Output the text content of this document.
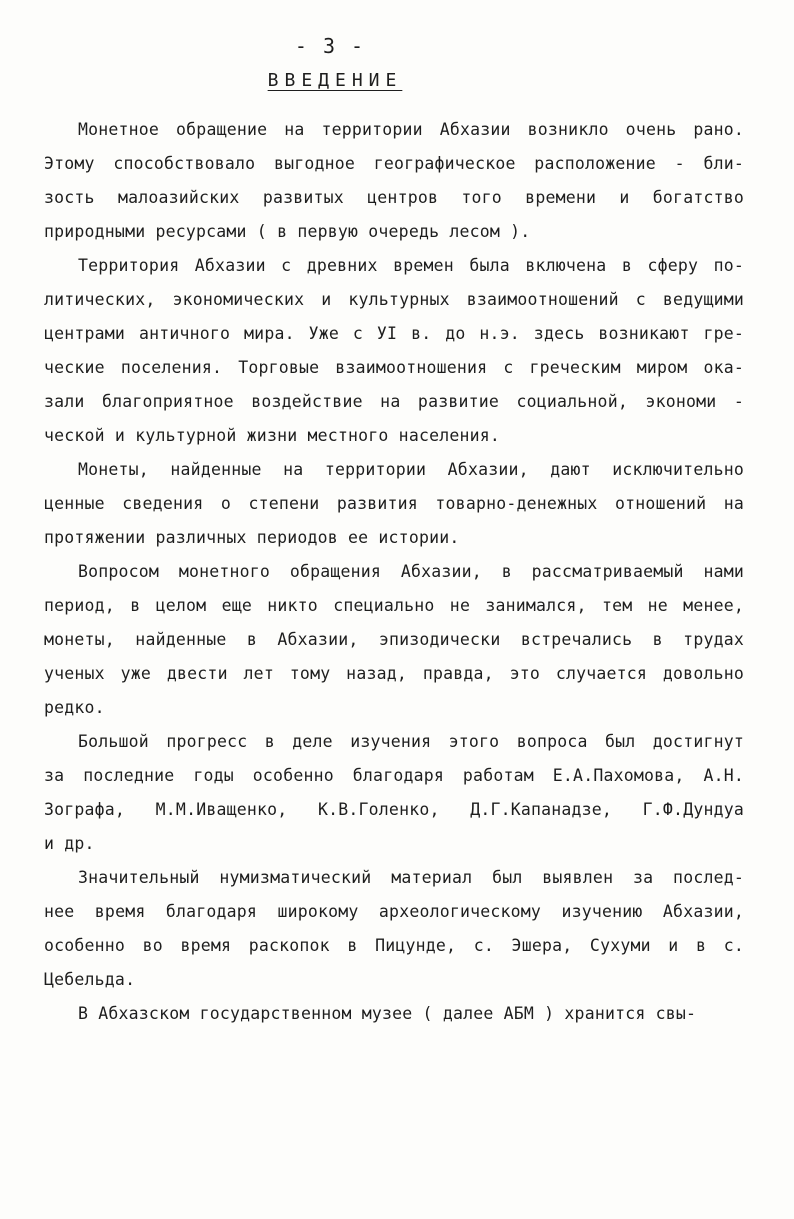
- 3 -
ВВЕДЕНИЕ
Монетное обращение на территории Абхазии возникло очень рано.
Этому способствовало выгодное географическое расположение - бли-
зость малоазийских развитых центров того времени и богатство
природными ресурсами ( в первую очередь лесом ).
Территория Абхазии с древних времен была включена в сферу по-
литических, экономических и культурных взаимоотношений с ведущими
центрами античного мира. Уже с УI в. до н.э. здесь возникают гре-
ческие поселения. Торговые взаимоотношения с греческим миром ока-
зали благоприятное воздействие на развитие социальной, экономи -
ческой и культурной жизни местного населения.
Монеты, найденные на территории Абхазии, дают исключительно
ценные сведения о степени развития товарно-денежных отношений на
протяжении различных периодов ее истории.
Вопросом монетного обращения Абхазии, в рассматриваемый нами
период, в целом еще никто специально не занимался, тем не менее,
монеты, найденные в Абхазии, эпизодически встречались в трудах
ученых уже двести лет тому назад, правда, это случается довольно
редко.
Большой прогресс в деле изучения этого вопроса был достигнут
за последние годы особенно благодаря работам Е.А.Пахомова, А.Н.
Зографа, М.М.Иващенко, К.В.Голенко, Д.Г.Капанадзе, Г.Ф.Дундуа
и др.
Значительный нумизматический материал был выявлен за послед-
нее время благодаря широкому археологическому изучению Абхазии,
особенно во время раскопок в Пицунде, с. Эшера, Сухуми и в с.
Цебельда.
В Абхазском государственном музее ( далее АБМ ) хранится свы-
